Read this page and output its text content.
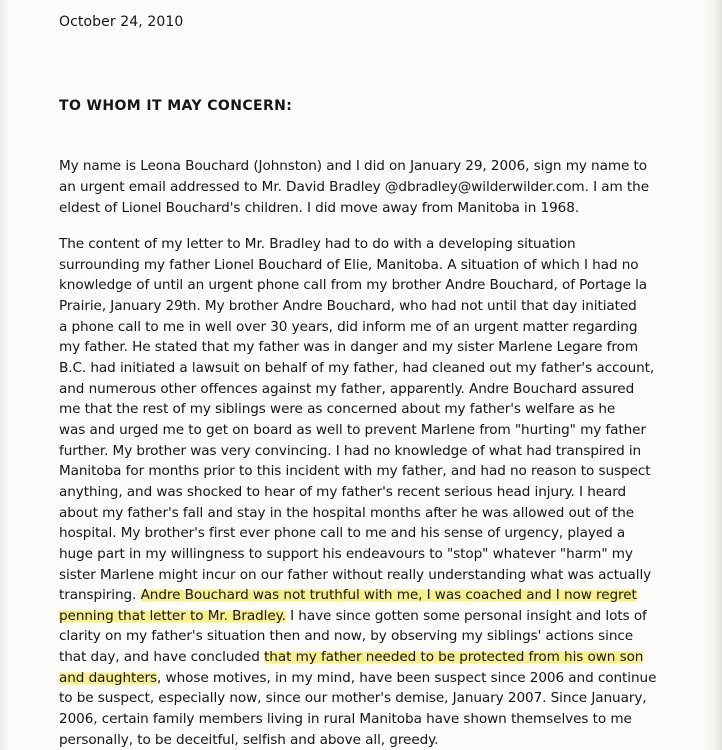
October 24, 2010
TO WHOM IT MAY CONCERN:

My name is Leona Bouchard (Johnston) and I did on January 29, 2006, sign my name to
an urgent email addressed to Mr. David Bradley @dbradley@wilderwilder.com. I am the
eldest of Lionel Bouchard's children. I did move away from Manitoba in 1968.

The content of my letter to Mr. Bradley had to do with a developing situation
surrounding my father Lionel Bouchard of Elie, Manitoba. A situation of which I had no
knowledge of until an urgent phone call from my brother Andre Bouchard, of Portage la
Prairie, January 29th. My brother Andre Bouchard, who had not until that day initiated
a phone call to me in well over 30 years, did inform me of an urgent matter regarding
my father. He stated that my father was in danger and my sister Marlene Legare from
B.C. had initiated a lawsuit on behalf of my father, had cleaned out my father's account,
and numerous other offences against my father, apparently. Andre Bouchard assured
me that the rest of my siblings were as concerned about my father's welfare as he
was and urged me to get on board as well to prevent Marlene from "hurting" my father
further. My brother was very convincing. I had no knowledge of what had transpired in
Manitoba for months prior to this incident with my father, and had no reason to suspect
anything, and was shocked to hear of my father's recent serious head injury. I heard
about my father's fall and stay in the hospital months after he was allowed out of the
hospital. My brother's first ever phone call to me and his sense of urgency, played a
huge part in my willingness to support his endeavours to "stop" whatever "harm" my
sister Marlene might incur on our father without really understanding what was actually
transpiring. Andre Bouchard was not truthful with me, I was coached and I now regret
penning that letter to Mr. Bradley. I have since gotten some personal insight and lots of
clarity on my father's situation then and now, by observing my siblings' actions since
that day, and have concluded that my father needed to be protected from his own son
and daughters, whose motives, in my mind, have been suspect since 2006 and continue
to be suspect, especially now, since our mother's demise, January 2007. Since January,
2006, certain family members living in rural Manitoba have shown themselves to me
personally, to be deceitful, selfish and above all, greedy.
